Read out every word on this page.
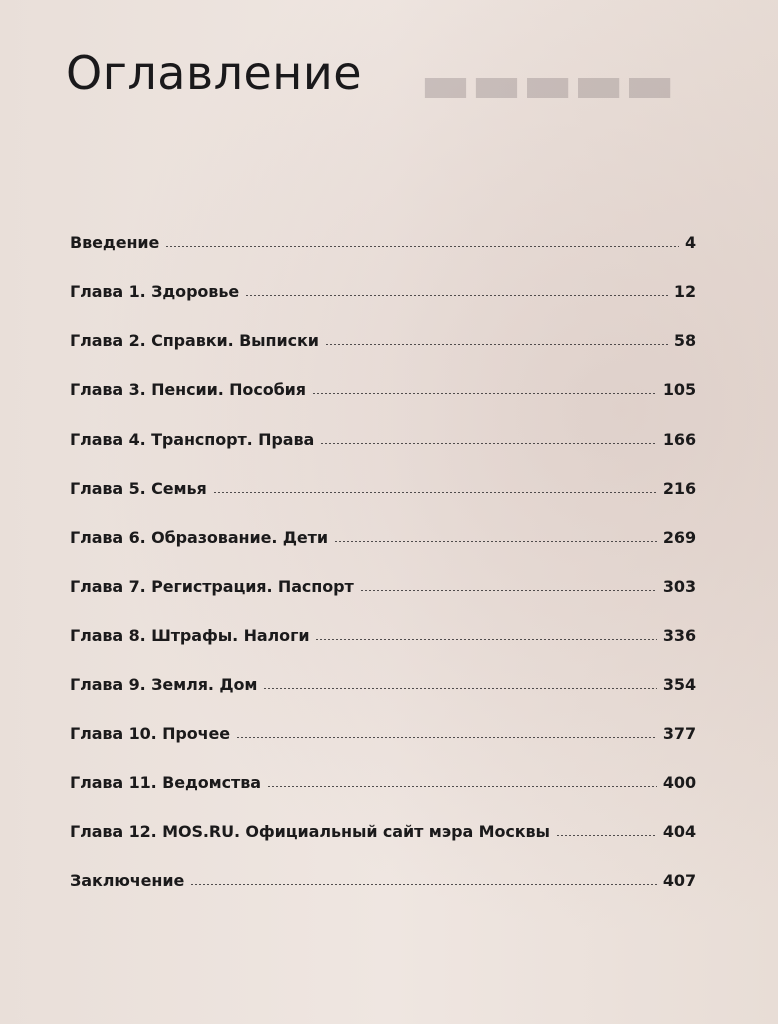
▬▬▬▬▬
Оглавление
Введение	4
Глава 1. Здоровье	12
Глава 2. Справки. Выписки	58
Глава 3. Пенсии. Пособия	105
Глава 4. Транспорт. Права	166
Глава 5. Семья	216
Глава 6. Образование. Дети	269
Глава 7. Регистрация. Паспорт	303
Глава 8. Штрафы. Налоги	336
Глава 9. Земля. Дом	354
Глава 10. Прочее	377
Глава 11. Ведомства	400
Глава 12. MOS.RU. Официальный сайт мэра Москвы	404
Заключение	407
